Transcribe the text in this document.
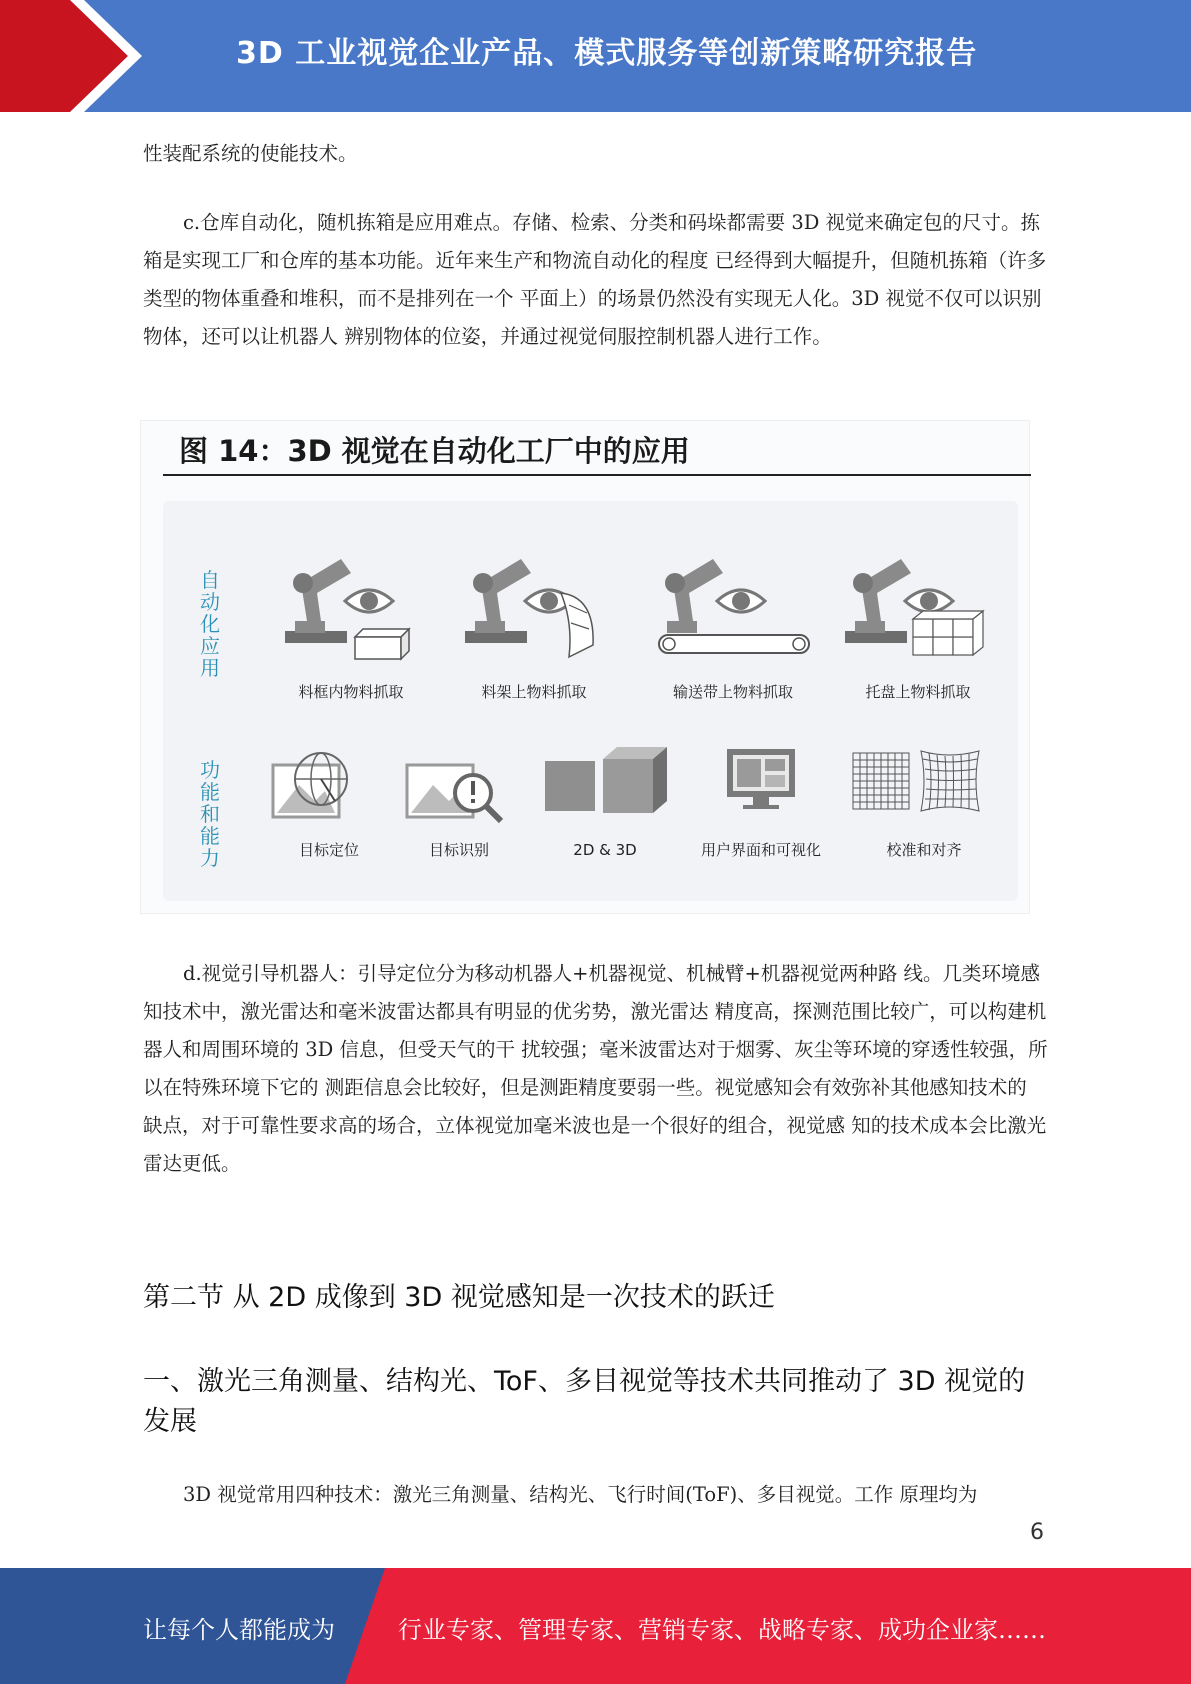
3D 工业视觉企业产品、模式服务等创新策略研究报告
性装配系统的使能技术。
c.仓库自动化，随机拣箱是应用难点。存储、检索、分类和码垛都需要 3D 视觉来确定包的尺寸。拣箱是实现工厂和仓库的基本功能。近年来生产和物流自动化的程度 已经得到大幅提升，但随机拣箱（许多类型的物体重叠和堆积，而不是排列在一个 平面上）的场景仍然没有实现无人化。3D 视觉不仅可以识别物体，还可以让机器人 辨别物体的位姿，并通过视觉伺服控制机器人进行工作。
图 14：3D 视觉在自动化工厂中的应用
自动化应用
功能和能力
料框内物料抓取	料架上物料抓取	输送带上物料抓取	托盘上物料抓取
目标定位	目标识别	2D & 3D	用户界面和可视化	校准和对齐
d.视觉引导机器人：引导定位分为移动机器人+机器视觉、机械臂+机器视觉两种路 线。几类环境感知技术中，激光雷达和毫米波雷达都具有明显的优劣势，激光雷达 精度高，探测范围比较广，可以构建机器人和周围环境的 3D 信息，但受天气的干 扰较强；毫米波雷达对于烟雾、灰尘等环境的穿透性较强，所以在特殊环境下它的 测距信息会比较好，但是测距精度要弱一些。视觉感知会有效弥补其他感知技术的 缺点，对于可靠性要求高的场合，立体视觉加毫米波也是一个很好的组合，视觉感 知的技术成本会比激光雷达更低。
第二节 从 2D 成像到 3D 视觉感知是一次技术的跃迁
一、激光三角测量、结构光、ToF、多目视觉等技术共同推动了 3D 视觉的发展
3D 视觉常用四种技术：激光三角测量、结构光、飞行时间(ToF)、多目视觉。工作 原理均为
6
让每个人都能成为	行业专家、管理专家、营销专家、战略专家、成功企业家……
